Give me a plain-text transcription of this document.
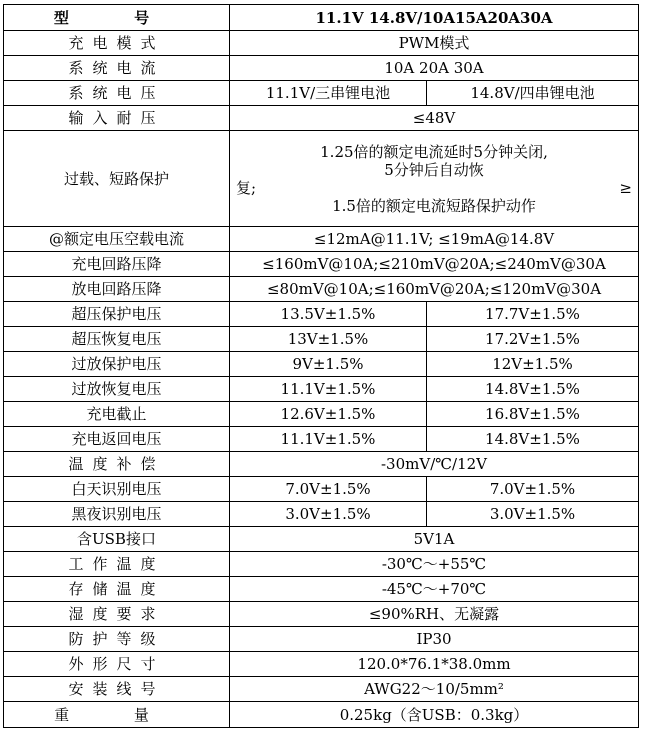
型 号	11.1V 14.8V/10A15A20A30A	
充电模式	PWM模式	
系统电流	10A 20A 30A	
系统电压	11.1V/三串锂电池	14.8V/四串锂电池
输入耐压	≤48V	
过载、短路保护	1.25倍的额定电流延时5分钟关闭,
5分钟后自动恢
复; ≥
1.5倍的额定电流短路保护动作	

@额定电压空载电流	≤12mA@11.1V; ≤19mA@14.8V	
充电回路压降	≤160mV@10A;≤210mV@20A;≤240mV@30A	
放电回路压降	≤80mV@10A;≤160mV@20A;≤120mV@30A	
超压保护电压	13.5V±1.5%	17.7V±1.5%
超压恢复电压	13V±1.5%	17.2V±1.5%
过放保护电压	9V±1.5%	12V±1.5%
过放恢复电压	11.1V±1.5%	14.8V±1.5%
充电截止	12.6V±1.5%	16.8V±1.5%
充电返回电压	11.1V±1.5%	14.8V±1.5%
温度补偿	-30mV/℃/12V	
白天识别电压	7.0V±1.5%	7.0V±1.5%
黑夜识别电压	3.0V±1.5%	3.0V±1.5%
含USB接口	5V1A	
工作温度	-30℃～+55℃	
存储温度	-45℃～+70℃	
湿度要求	≤90%RH、无凝露	
防护等级	IP30	
外形尺寸	120.0*76.1*38.0mm	
安装线号	AWG22～10/5mm²	
重 量	0.25kg（含USB：0.3kg）	
